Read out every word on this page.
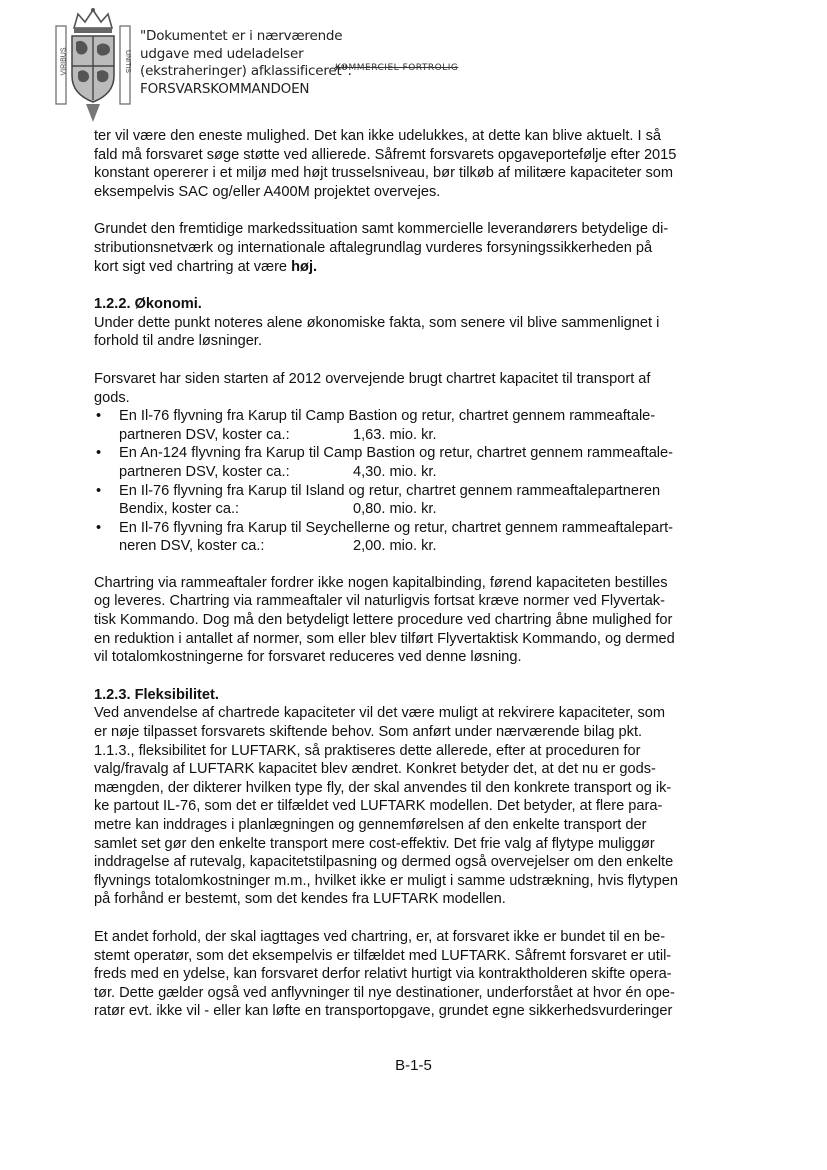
VIRIBUS	UNITIS
"Dokumentet er i nærværende
udgave med udeladelser
(ekstraheringer) afklassificeret".
FORSVARSKOMMANDOEN
KOMMERCIEL FORTROLIG
ter vil være den eneste mulighed. Det kan ikke udelukkes, at dette kan blive aktuelt. I så
fald må forsvaret søge støtte ved allierede. Såfremt forsvarets opgaveportefølje efter 2015
konstant opererer i et miljø med højt trusselsniveau, bør tilkøb af militære kapaciteter som
eksempelvis SAC og/eller A400M projektet overvejes.
Grundet den fremtidige markedssituation samt kommercielle leverandørers betydelige di-
stributionsnetværk og internationale aftalegrundlag vurderes forsyningssikkerheden på
kort sigt ved chartring at være høj.
1.2.2. Økonomi.
Under dette punkt noteres alene økonomiske fakta, som senere vil blive sammenlignet i
forhold til andre løsninger.
Forsvaret har siden starten af 2012 overvejende brugt chartret kapacitet til transport af
gods.
• En Il-76 flyvning fra Karup til Camp Bastion og retur, chartret gennem rammeaftale-
partneren DSV, koster ca.:	1,63. mio. kr.
• En An-124 flyvning fra Karup til Camp Bastion og retur, chartret gennem rammeaftale-
partneren DSV, koster ca.:	4,30. mio. kr.
• En Il-76 flyvning fra Karup til Island og retur, chartret gennem rammeaftalepartneren
Bendix, koster ca.:	0,80. mio. kr.
• En Il-76 flyvning fra Karup til Seychellerne og retur, chartret gennem rammeaftalepart-
neren DSV, koster ca.:	2,00. mio. kr.
Chartring via rammeaftaler fordrer ikke nogen kapitalbinding, førend kapaciteten bestilles
og leveres. Chartring via rammeaftaler vil naturligvis fortsat kræve normer ved Flyvertak-
tisk Kommando. Dog må den betydeligt lettere procedure ved chartring åbne mulighed for
en reduktion i antallet af normer, som eller blev tilført Flyvertaktisk Kommando, og dermed
vil totalomkostningerne for forsvaret reduceres ved denne løsning.
1.2.3. Fleksibilitet.
Ved anvendelse af chartrede kapaciteter vil det være muligt at rekvirere kapaciteter, som
er nøje tilpasset forsvarets skiftende behov. Som anført under nærværende bilag pkt.
1.1.3., fleksibilitet for LUFTARK, så praktiseres dette allerede, efter at proceduren for
valg/fravalg af LUFTARK kapacitet blev ændret. Konkret betyder det, at det nu er gods-
mængden, der dikterer hvilken type fly, der skal anvendes til den konkrete transport og ik-
ke partout IL-76, som det er tilfældet ved LUFTARK modellen. Det betyder, at flere para-
metre kan inddrages i planlægningen og gennemførelsen af den enkelte transport der
samlet set gør den enkelte transport mere cost-effektiv. Det frie valg af flytype muliggør
inddragelse af rutevalg, kapacitetstilpasning og dermed også overvejelser om den enkelte
flyvnings totalomkostninger m.m., hvilket ikke er muligt i samme udstrækning, hvis flytypen
på forhånd er bestemt, som det kendes fra LUFTARK modellen.
Et andet forhold, der skal iagttages ved chartring, er, at forsvaret ikke er bundet til en be-
stemt operatør, som det eksempelvis er tilfældet med LUFTARK. Såfremt forsvaret er util-
freds med en ydelse, kan forsvaret derfor relativt hurtigt via kontraktholderen skifte opera-
tør. Dette gælder også ved anflyvninger til nye destinationer, underforstået at hvor én ope-
ratør evt. ikke vil - eller kan løfte en transportopgave, grundet egne sikkerhedsvurderinger
B-1-5
